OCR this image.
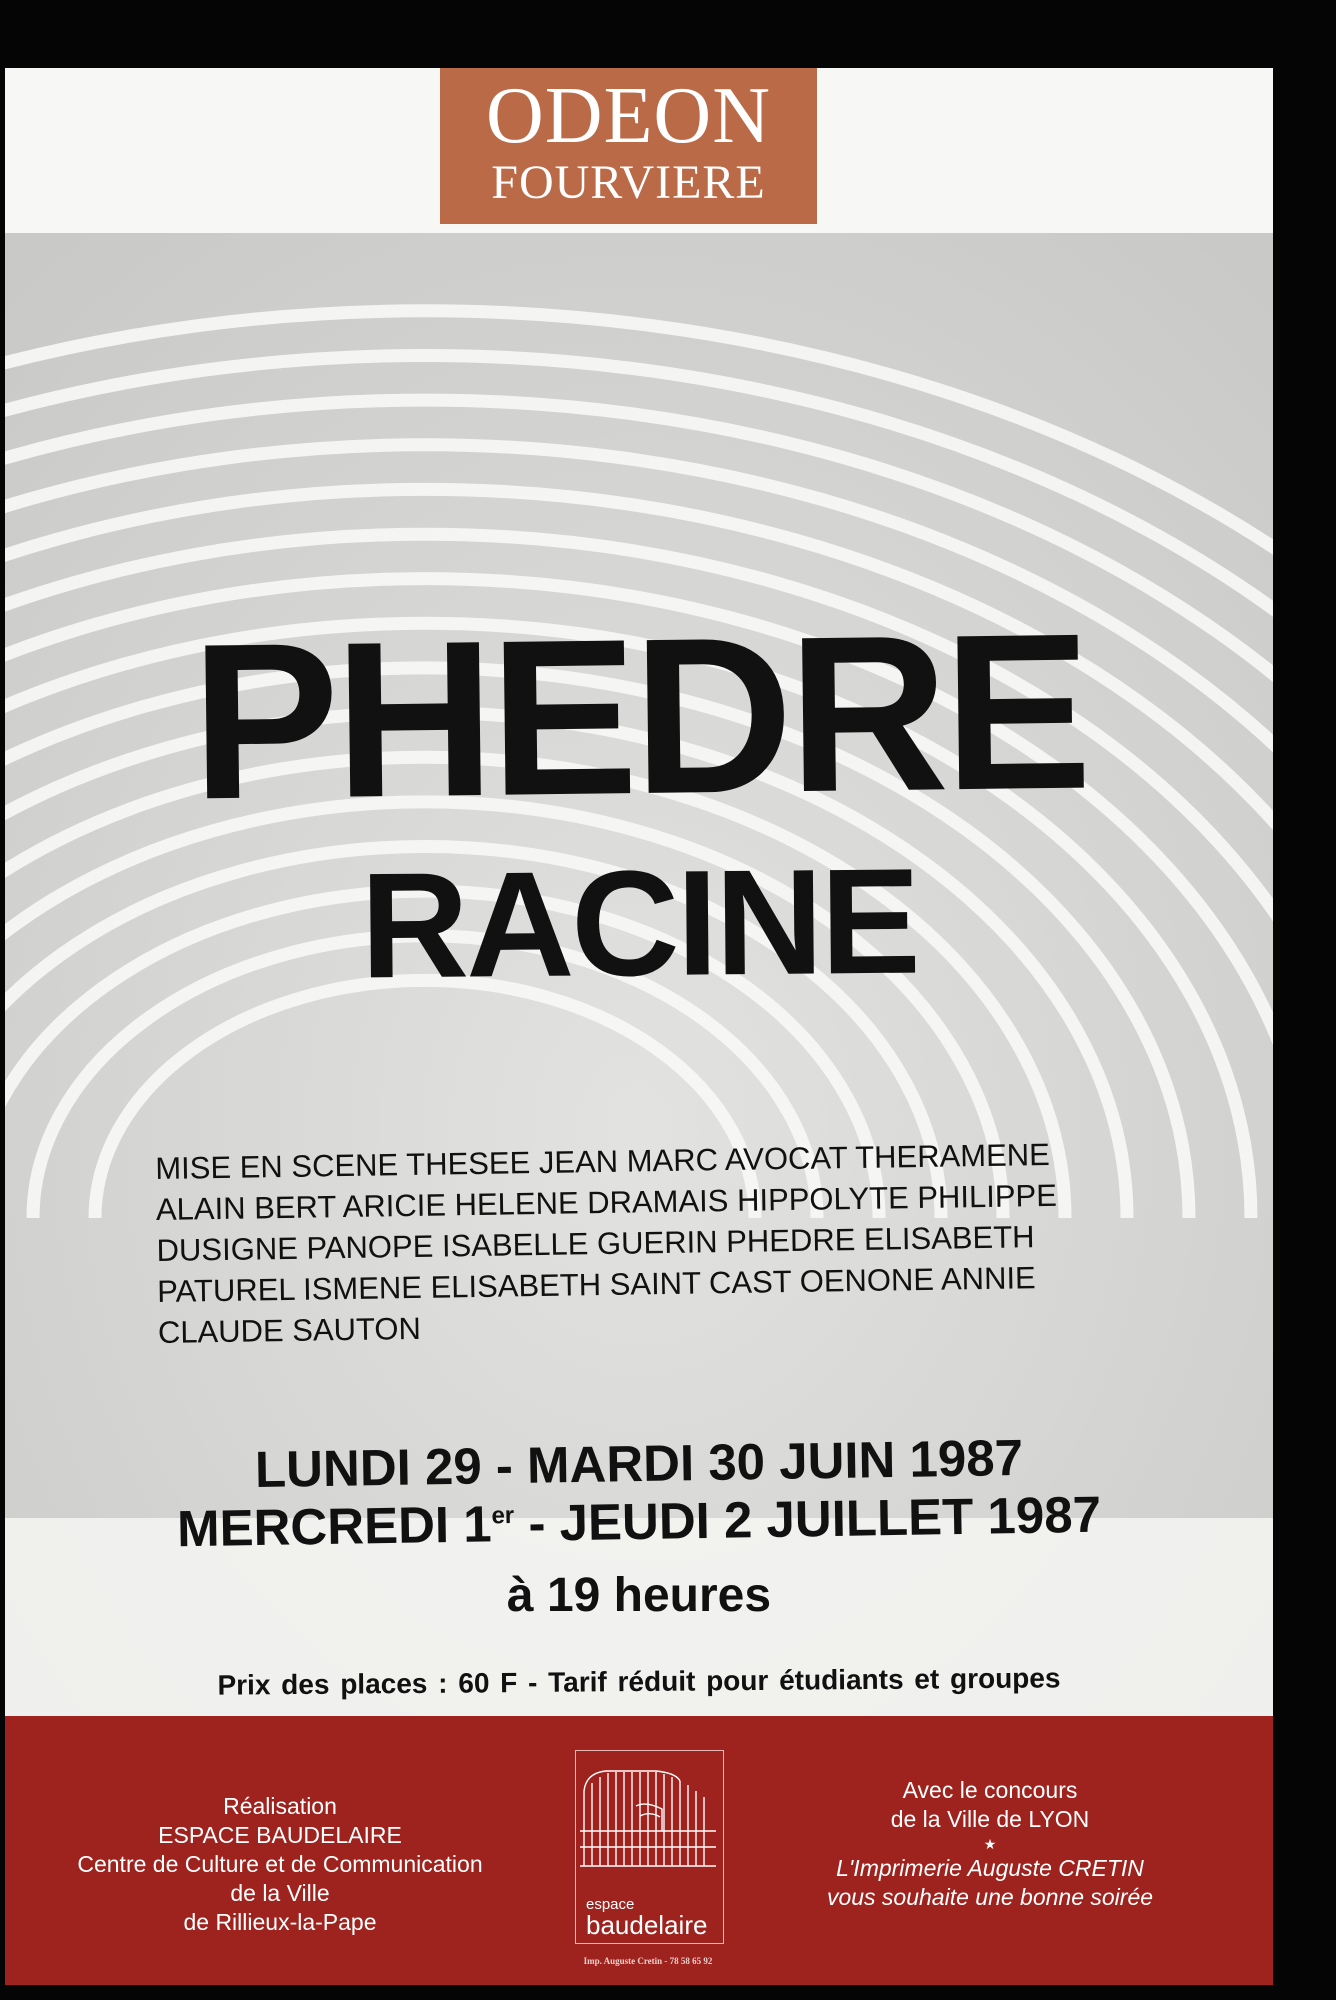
ODEON
FOURVIERE
PHEDRE
RACINE
MISE EN SCENE THESEE JEAN MARC AVOCAT THERAMENE ALAIN BERT ARICIE HELENE DRAMAIS HIPPOLYTE PHILIPPE DUSIGNE PANOPE ISABELLE GUERIN PHEDRE ELISABETH PATUREL ISMENE ELISABETH SAINT CAST OENONE ANNIE CLAUDE SAUTON
LUNDI 29 - MARDI 30 JUIN 1987
MERCREDI 1er - JEUDI 2 JUILLET 1987
à 19 heures
Prix des places : 60 F - Tarif réduit pour étudiants et groupes
Réalisation
ESPACE BAUDELAIRE
Centre de Culture et de Communication
de la Ville
de Rillieux-la-Pape
espace
baudelaire
Imp. Auguste Cretin - 78 58 65 92
Avec le concours
de la Ville de LYON
★
L'Imprimerie Auguste CRETIN
vous souhaite une bonne soirée
